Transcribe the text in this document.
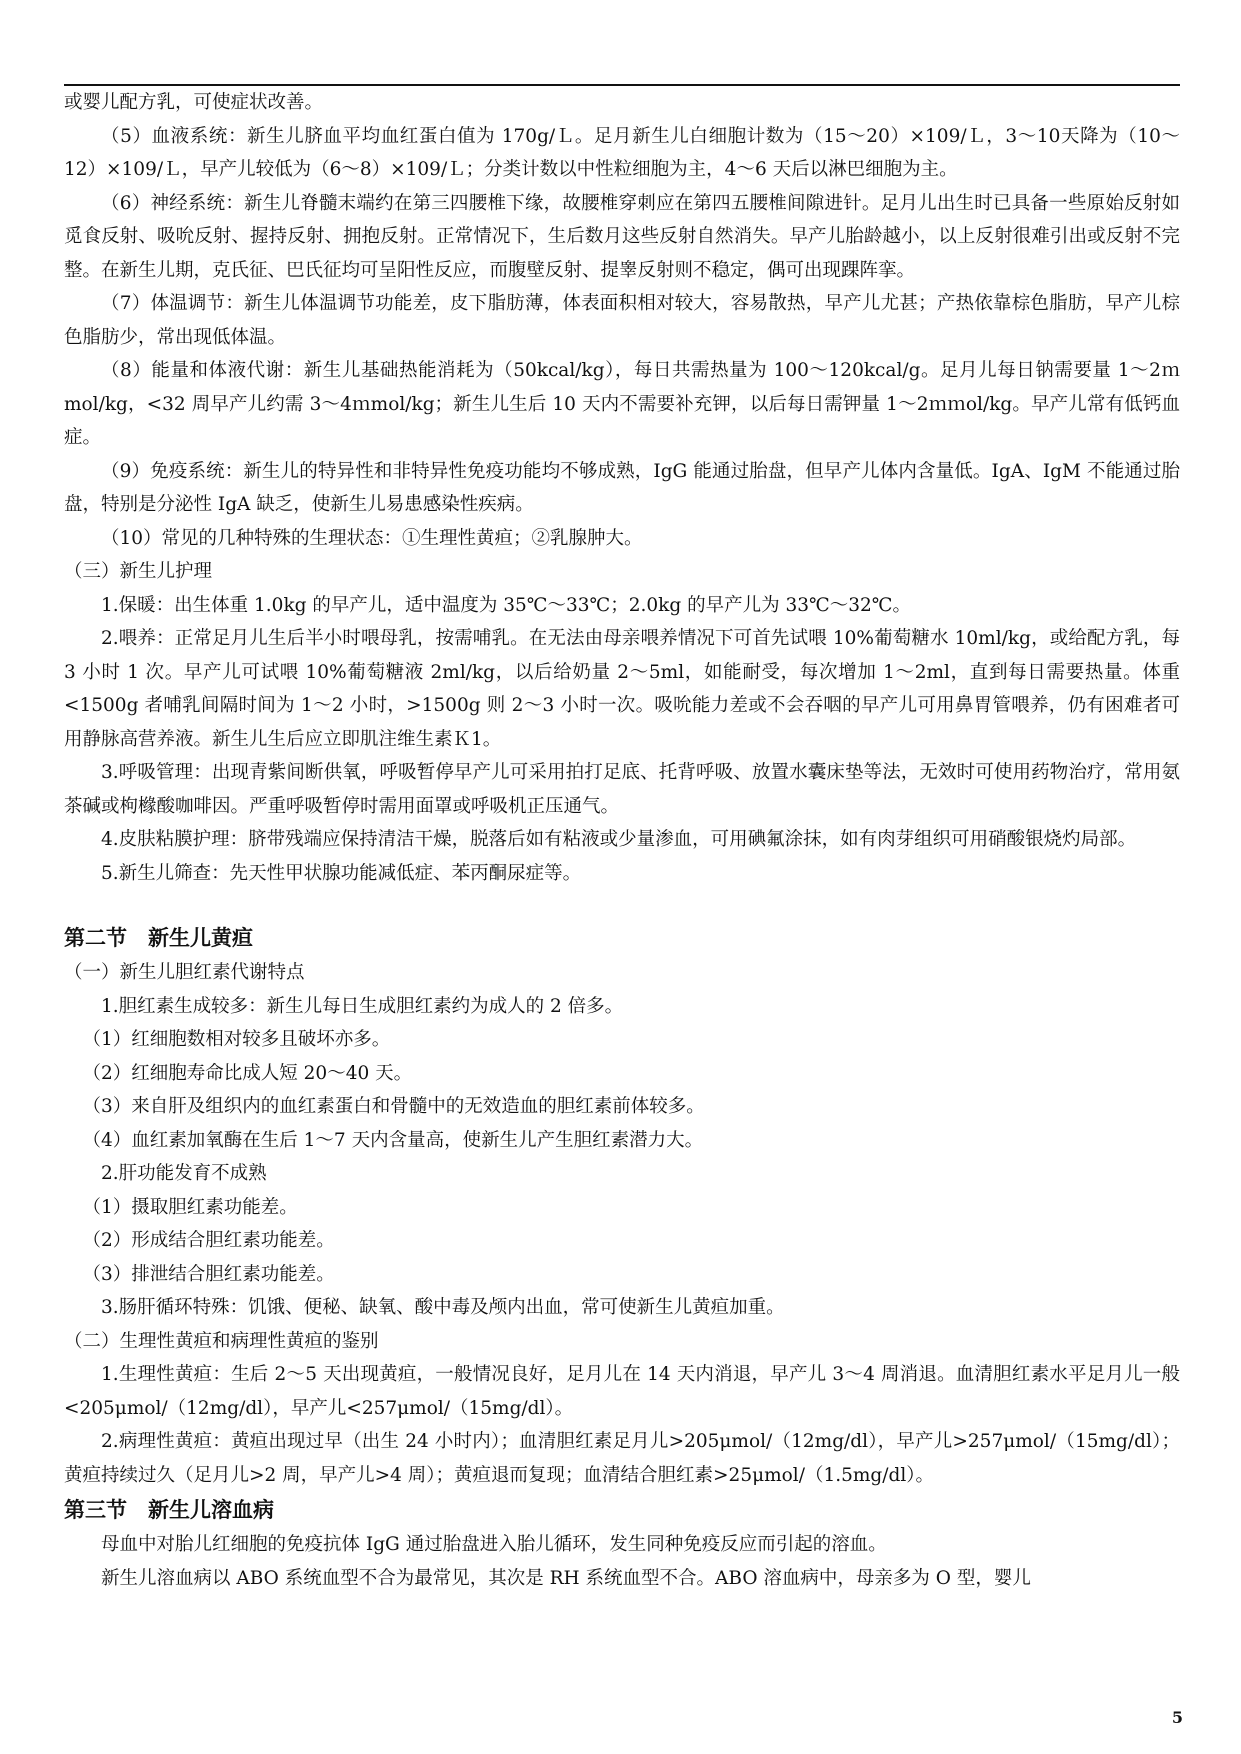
或婴儿配方乳，可使症状改善。

（5）血液系统：新生儿脐血平均血红蛋白值为 170g/Ｌ。足月新生儿白细胞计数为（15～20）×109/Ｌ，3～10天降为（10～12）×109/Ｌ，早产儿较低为（6～8）×109/Ｌ；分类计数以中性粒细胞为主，4～6 天后以淋巴细胞为主。

（6）神经系统：新生儿脊髓末端约在第三四腰椎下缘，故腰椎穿刺应在第四五腰椎间隙进针。足月儿出生时已具备一些原始反射如觅食反射、吸吮反射、握持反射、拥抱反射。正常情况下，生后数月这些反射自然消失。早产儿胎龄越小，以上反射很难引出或反射不完整。在新生儿期，克氏征、巴氏征均可呈阳性反应，而腹壁反射、提睾反射则不稳定，偶可出现踝阵挛。

（7）体温调节：新生儿体温调节功能差，皮下脂肪薄，体表面积相对较大，容易散热，早产儿尤甚；产热依靠棕色脂肪，早产儿棕色脂肪少，常出现低体温。

（8）能量和体液代谢：新生儿基础热能消耗为（50kcal/kg），每日共需热量为 100～120kcal/g。足月儿每日钠需要量 1～2ｍmol/kg，<32 周早产儿约需 3～4ｍmol/kg；新生儿生后 10 天内不需要补充钾，以后每日需钾量 1～2ｍｍol/kg。早产儿常有低钙血症。

（9）免疫系统：新生儿的特异性和非特异性免疫功能均不够成熟，IgG 能通过胎盘，但早产儿体内含量低。IgA、IgM 不能通过胎盘，特别是分泌性 IgA 缺乏，使新生儿易患感染性疾病。

（10）常见的几种特殊的生理状态：①生理性黄疸；②乳腺肿大。

（三）新生儿护理

1.保暖：出生体重 1.0kg 的早产儿，适中温度为 35℃～33℃；2.0kg 的早产儿为 33℃～32℃。

2.喂养：正常足月儿生后半小时喂母乳，按需哺乳。在无法由母亲喂养情况下可首先试喂 10%葡萄糖水 10ml/kg，或给配方乳，每 3 小时 1 次。早产儿可试喂 10%葡萄糖液 2ml/kg，以后给奶量 2～5ml，如能耐受，每次增加 1～2ml，直到每日需要热量。体重<1500g 者哺乳间隔时间为 1～2 小时，>1500g 则 2～3 小时一次。吸吮能力差或不会吞咽的早产儿可用鼻胃管喂养，仍有困难者可用静脉高营养液。新生儿生后应立即肌注维生素Ｋ1。

3.呼吸管理：出现青紫间断供氧，呼吸暂停早产儿可采用拍打足底、托背呼吸、放置水囊床垫等法，无效时可使用药物治疗，常用氨茶碱或枸橼酸咖啡因。严重呼吸暂停时需用面罩或呼吸机正压通气。

4.皮肤粘膜护理：脐带残端应保持清洁干燥，脱落后如有粘液或少量渗血，可用碘氟涂抹，如有肉芽组织可用硝酸银烧灼局部。

5.新生儿筛查：先天性甲状腺功能减低症、苯丙酮尿症等。

第二节　新生儿黄疸

（一）新生儿胆红素代谢特点

1.胆红素生成较多：新生儿每日生成胆红素约为成人的 2 倍多。

（1）红细胞数相对较多且破坏亦多。

（2）红细胞寿命比成人短 20～40 天。

（3）来自肝及组织内的血红素蛋白和骨髓中的无效造血的胆红素前体较多。

（4）血红素加氧酶在生后 1～7 天内含量高，使新生儿产生胆红素潜力大。

2.肝功能发育不成熟

（1）摄取胆红素功能差。

（2）形成结合胆红素功能差。

（3）排泄结合胆红素功能差。

3.肠肝循环特殊：饥饿、便秘、缺氧、酸中毒及颅内出血，常可使新生儿黄疸加重。

（二）生理性黄疸和病理性黄疸的鉴别

1.生理性黄疸：生后 2～5 天出现黄疸，一般情况良好，足月儿在 14 天内消退，早产儿 3～4 周消退。血清胆红素水平足月儿一般<205μmol/（12mg/dl），早产儿<257μmol/（15mg/dl）。

2.病理性黄疸：黄疸出现过早（出生 24 小时内）；血清胆红素足月儿>205μmol/（12mg/dl），早产儿>257μmol/（15mg/dl）；黄疸持续过久（足月儿>2 周，早产儿>4 周）；黄疸退而复现；血清结合胆红素>25μmol/（1.5mg/dl）。

第三节　新生儿溶血病

母血中对胎儿红细胞的免疫抗体 IgG 通过胎盘进入胎儿循环，发生同种免疫反应而引起的溶血。

新生儿溶血病以 ABO 系统血型不合为最常见，其次是 RH 系统血型不合。ABO 溶血病中，母亲多为 O 型，婴儿

5
